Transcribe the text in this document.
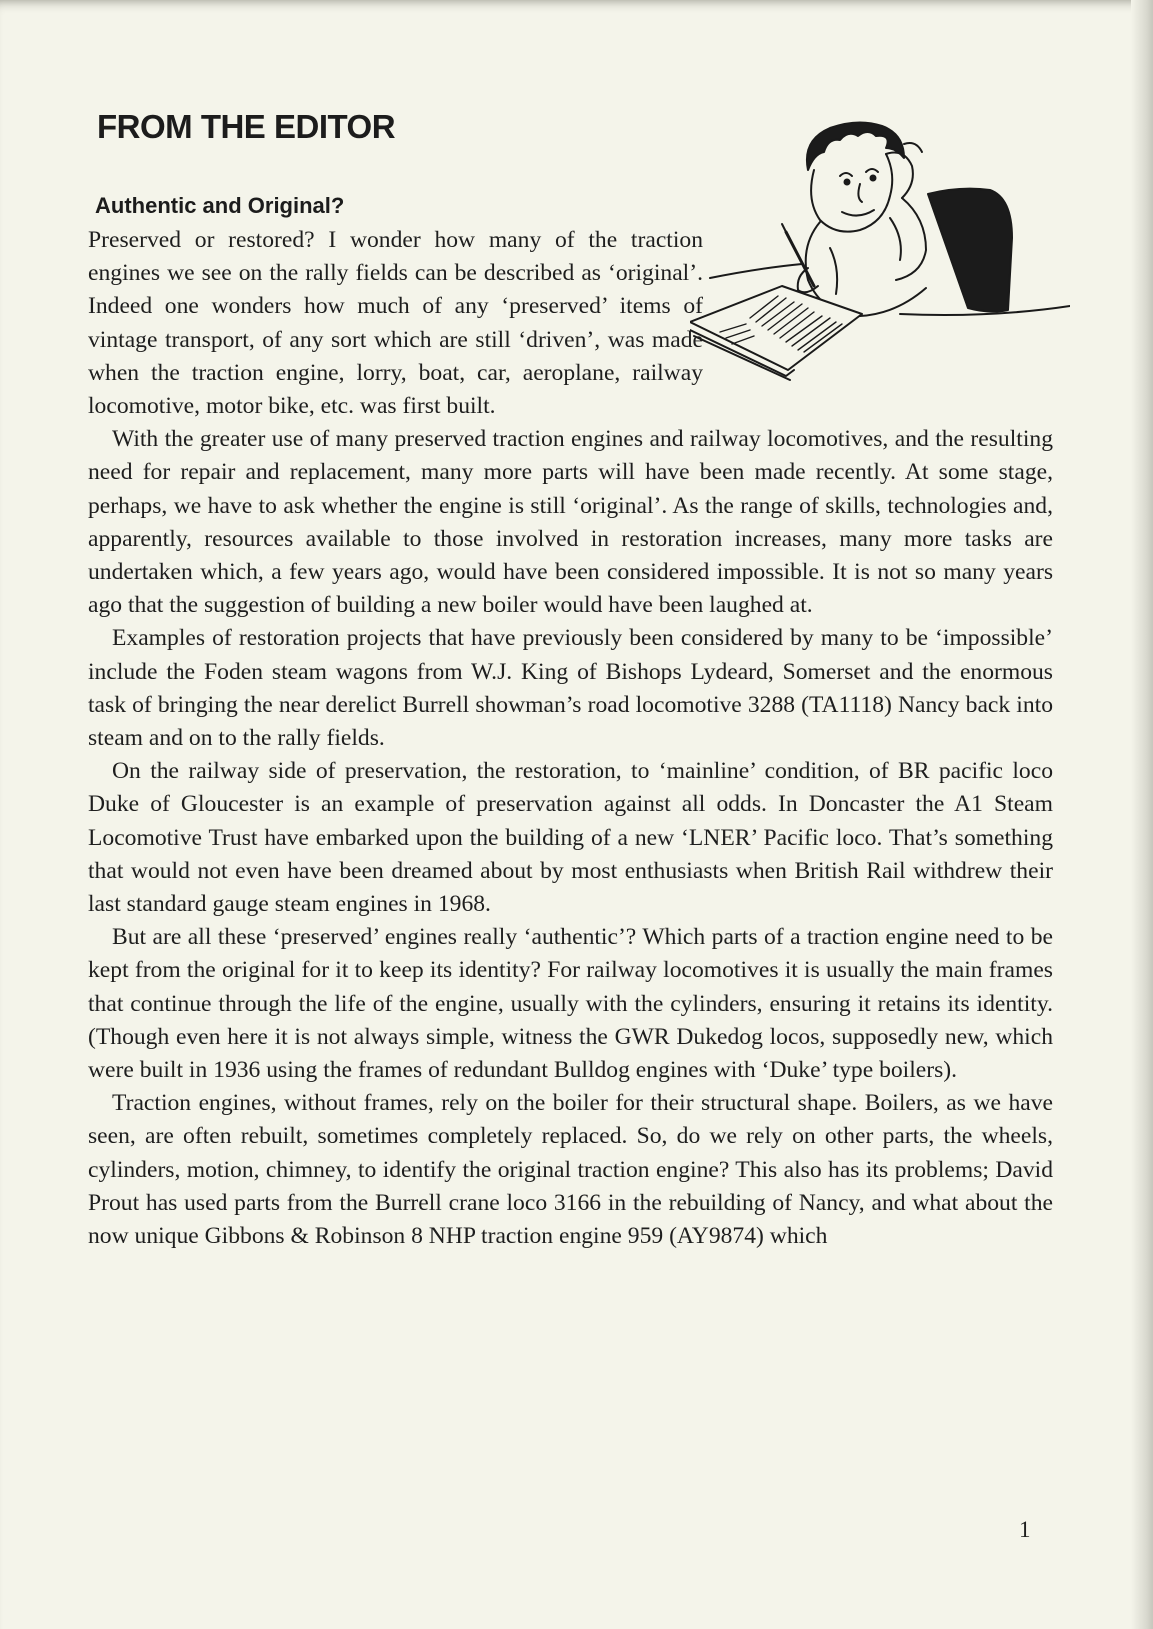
FROM THE EDITOR
Authentic and Original?

Preserved or restored? I wonder how many of the traction engines we see on the rally fields can be described as ‘original’. Indeed one wonders how much of any ‘preserved’ items of vintage transport, of any sort which are still ‘driven’, was made when the traction engine, lorry, boat, car, aeroplane, railway locomotive, motor bike, etc. was first built.

With the greater use of many preserved traction engines and railway locomotives, and the resulting need for repair and replacement, many more parts will have been made recently. At some stage, perhaps, we have to ask whether the engine is still ‘original’. As the range of skills, technologies and, apparently, resources available to those involved in restoration increases, many more tasks are undertaken which, a few years ago, would have been considered impossible. It is not so many years ago that the suggestion of building a new boiler would have been laughed at.

Examples of restoration projects that have previously been considered by many to be ‘impossible’ include the Foden steam wagons from W.J. King of Bishops Lydeard, Somerset and the enormous task of bringing the near derelict Burrell showman’s road locomotive 3288 (TA1118) Nancy back into steam and on to the rally fields.

On the railway side of preservation, the restoration, to ‘mainline’ condition, of BR pacific loco Duke of Gloucester is an example of preservation against all odds. In Doncaster the A1 Steam Locomotive Trust have embarked upon the building of a new ‘LNER’ Pacific loco. That’s something that would not even have been dreamed about by most enthusiasts when British Rail withdrew their last standard gauge steam engines in 1968.

But are all these ‘preserved’ engines really ‘authentic’? Which parts of a traction engine need to be kept from the original for it to keep its identity? For railway locomotives it is usually the main frames that continue through the life of the engine, usually with the cylinders, ensuring it retains its identity. (Though even here it is not always simple, witness the GWR Dukedog locos, supposedly new, which were built in 1936 using the frames of redundant Bulldog engines with ‘Duke’ type boilers).

Traction engines, without frames, rely on the boiler for their structural shape. Boilers, as we have seen, are often rebuilt, sometimes completely replaced. So, do we rely on other parts, the wheels, cylinders, motion, chimney, to identify the original traction engine? This also has its problems; David Prout has used parts from the Burrell crane loco 3166 in the rebuilding of Nancy, and what about the now unique Gibbons & Robinson 8 NHP traction engine 959 (AY9874) which

1
